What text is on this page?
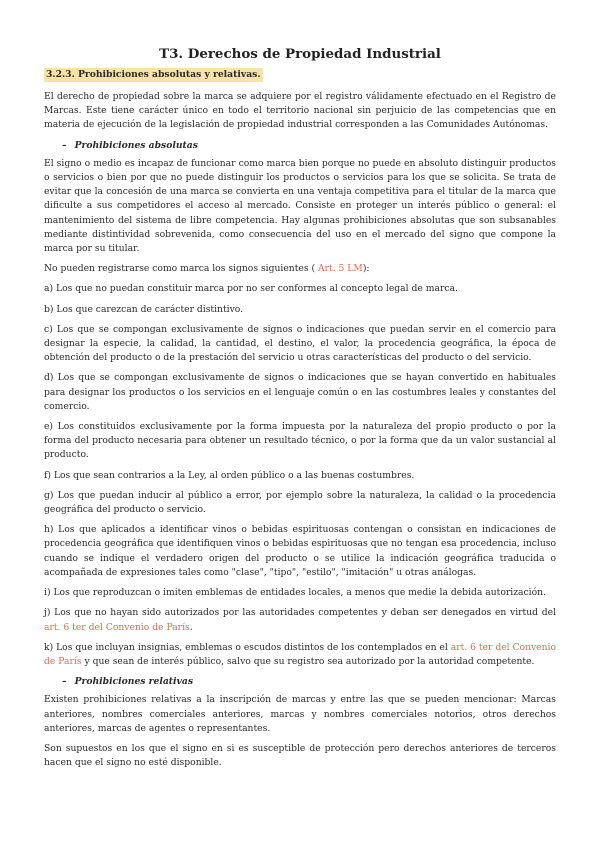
T3. Derechos de Propiedad Industrial
3.2.3. Prohibiciones absolutas y relativas.

El derecho de propiedad sobre la marca se adquiere por el registro válidamente efectuado en el Registro de Marcas. Este tiene carácter único en todo el territorio nacional sin perjuicio de las competencias que en materia de ejecución de la legislación de propiedad industrial corresponden a las Comunidades Autónomas.

– Prohibiciones absolutas

El signo o medio es incapaz de funcionar como marca bien porque no puede en absoluto distinguir productos o servicios o bien por que no puede distinguir los productos o servicios para los que se solicita. Se trata de evitar que la concesión de una marca se convierta en una ventaja competitiva para el titular de la marca que dificulte a sus competidores el acceso al mercado. Consiste en proteger un interés público o general: el mantenimiento del sistema de libre competencia. Hay algunas prohibiciones absolutas que son subsanables mediante distintividad sobrevenida, como consecuencia del uso en el mercado del signo que compone la marca por su titular.

No pueden registrarse como marca los signos siguientes ( Art. 5 LM):

a) Los que no puedan constituir marca por no ser conformes al concepto legal de marca.

b) Los que carezcan de carácter distintivo.

c) Los que se compongan exclusivamente de signos o indicaciones que puedan servir en el comercio para designar la especie, la calidad, la cantidad, el destino, el valor, la procedencia geográfica, la época de obtención del producto o de la prestación del servicio u otras características del producto o del servicio.

d) Los que se compongan exclusivamente de signos o indicaciones que se hayan convertido en habituales para designar los productos o los servicios en el lenguaje común o en las costumbres leales y constantes del comercio.

e) Los constituidos exclusivamente por la forma impuesta por la naturaleza del propio producto o por la forma del producto necesaria para obtener un resultado técnico, o por la forma que da un valor sustancial al producto.

f) Los que sean contrarios a la Ley, al orden público o a las buenas costumbres.

g) Los que puedan inducir al público a error, por ejemplo sobre la naturaleza, la calidad o la procedencia geográfica del producto o servicio.

h) Los que aplicados a identificar vinos o bebidas espirituosas contengan o consistan en indicaciones de procedencia geográfica que identifiquen vinos o bebidas espirituosas que no tengan esa procedencia, incluso cuando se indique el verdadero origen del producto o se utilice la indicación geográfica traducida o acompañada de expresiones tales como "clase", "tipo", "estilo", "imitación" u otras análogas.

i) Los que reproduzcan o imiten emblemas de entidades locales, a menos que medie la debida autorización.

j) Los que no hayan sido autorizados por las autoridades competentes y deban ser denegados en virtud del art. 6 ter del Convenio de París.

k) Los que incluyan insignias, emblemas o escudos distintos de los contemplados en el art. 6 ter del Convenio de París y que sean de interés público, salvo que su registro sea autorizado por la autoridad competente.

– Prohibiciones relativas

Existen prohibiciones relativas a la inscripción de marcas y entre las que se pueden mencionar: Marcas anteriores, nombres comerciales anteriores, marcas y nombres comerciales notorios, otros derechos anteriores, marcas de agentes o representantes.

Son supuestos en los que el signo en si es susceptible de protección pero derechos anteriores de terceros hacen que el signo no esté disponible.
